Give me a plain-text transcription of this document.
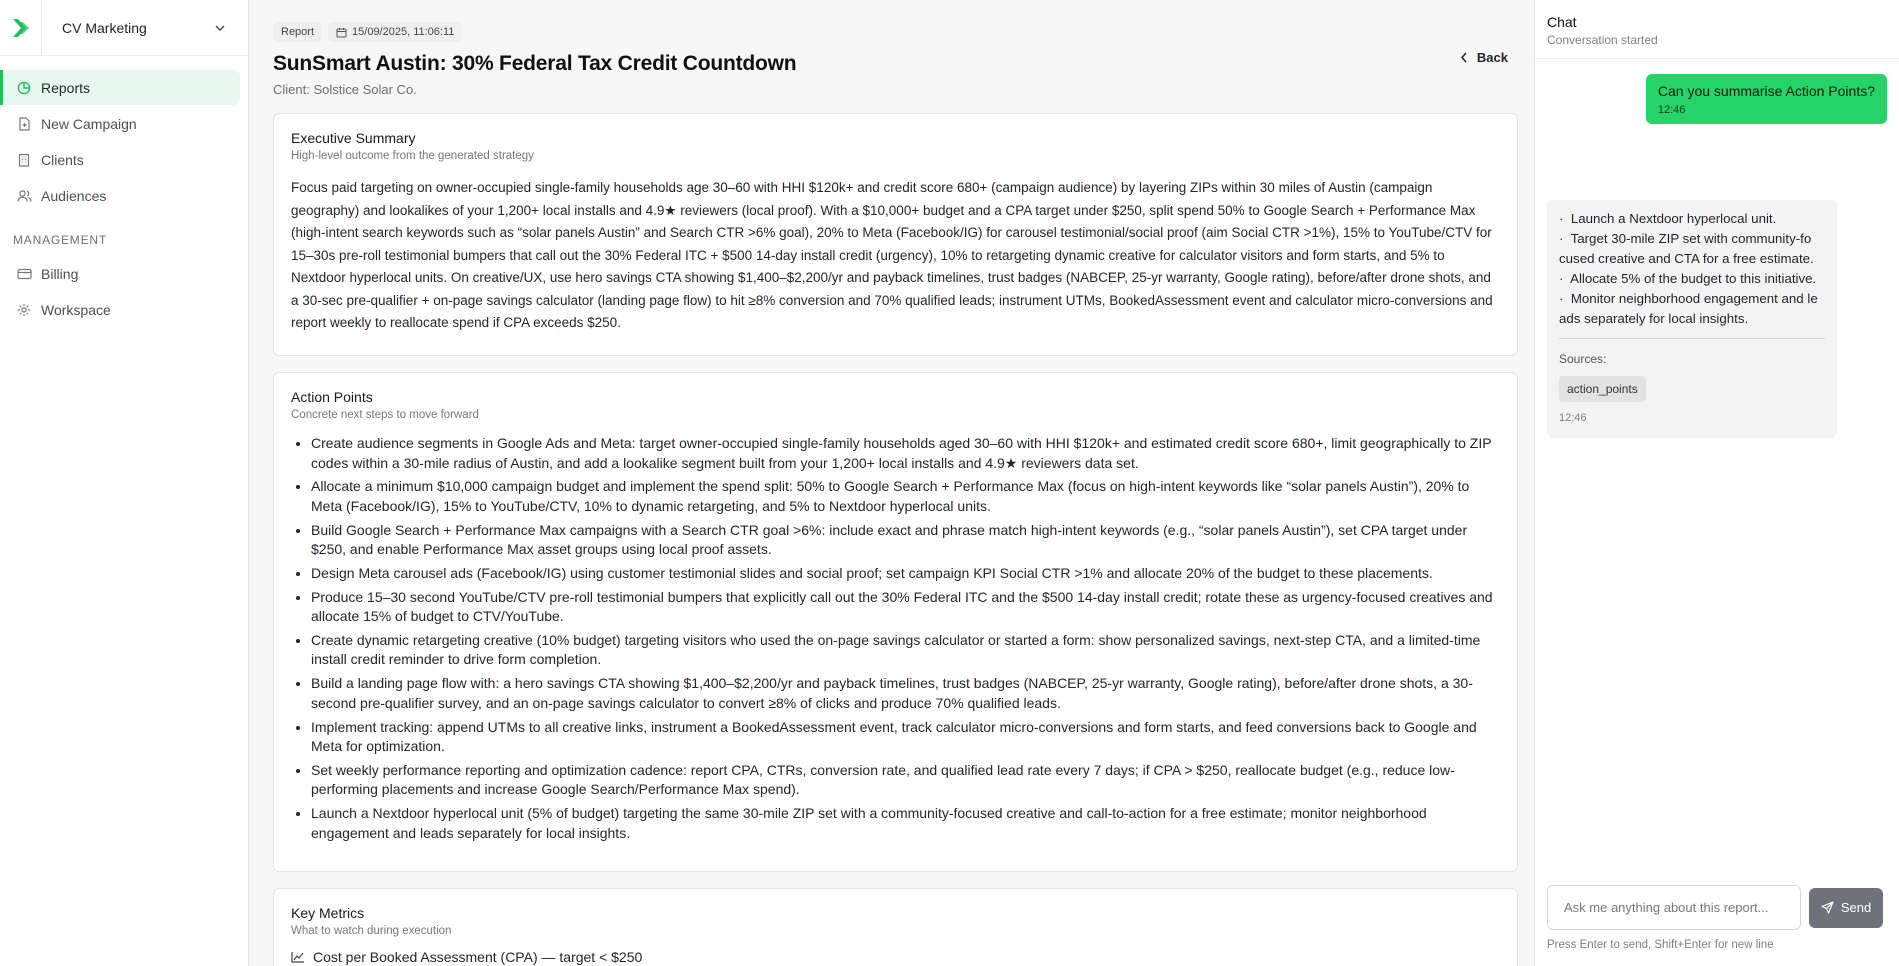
CV Marketing
Reports
New Campaign
Clients
Audiences
MANAGEMENT
Billing
Workspace
Report	15/09/2025, 11:06:11
SunSmart Austin: 30% Federal Tax Credit Countdown
Client: Solstice Solar Co.
Back
Executive Summary
High-level outcome from the generated strategy

Focus paid targeting on owner-occupied single-family households age 30–60 with HHI $120k+ and credit score 680+ (campaign audience) by layering ZIPs within 30 miles of Austin (campaign geography) and lookalikes of your 1,200+ local installs and 4.9★ reviewers (local proof). With a $10,000+ budget and a CPA target under $250, split spend 50% to Google Search + Performance Max (high-intent search keywords such as “solar panels Austin” and Search CTR >6% goal), 20% to Meta (Facebook/IG) for carousel testimonial/social proof (aim Social CTR >1%), 15% to YouTube/CTV for 15–30s pre-roll testimonial bumpers that call out the 30% Federal ITC + $500 14-day install credit (urgency), 10% to retargeting dynamic creative for calculator visitors and form starts, and 5% to Nextdoor hyperlocal units. On creative/UX, use hero savings CTA showing $1,400–$2,200/yr and payback timelines, trust badges (NABCEP, 25-yr warranty, Google rating), before/after drone shots, and a 30-sec pre-qualifier + on-page savings calculator (landing page flow) to hit ≥8% conversion and 70% qualified leads; instrument UTMs, BookedAssessment event and calculator micro-conversions and report weekly to reallocate spend if CPA exceeds $250.

Action Points
Concrete next steps to move forward
• Create audience segments in Google Ads and Meta: target owner-occupied single-family households aged 30–60 with HHI $120k+ and estimated credit score 680+, limit geographically to ZIP codes within a 30-mile radius of Austin, and add a lookalike segment built from your 1,200+ local installs and 4.9★ reviewers data set.
• Allocate a minimum $10,000 campaign budget and implement the spend split: 50% to Google Search + Performance Max (focus on high-intent keywords like “solar panels Austin”), 20% to Meta (Facebook/IG), 15% to YouTube/CTV, 10% to dynamic retargeting, and 5% to Nextdoor hyperlocal units.
• Build Google Search + Performance Max campaigns with a Search CTR goal >6%: include exact and phrase match high-intent keywords (e.g., “solar panels Austin”), set CPA target under $250, and enable Performance Max asset groups using local proof assets.
• Design Meta carousel ads (Facebook/IG) using customer testimonial slides and social proof; set campaign KPI Social CTR >1% and allocate 20% of the budget to these placements.
• Produce 15–30 second YouTube/CTV pre-roll testimonial bumpers that explicitly call out the 30% Federal ITC and the $500 14-day install credit; rotate these as urgency-focused creatives and allocate 15% of budget to CTV/YouTube.
• Create dynamic retargeting creative (10% budget) targeting visitors who used the on-page savings calculator or started a form: show personalized savings, next-step CTA, and a limited-time install credit reminder to drive form completion.
• Build a landing page flow with: a hero savings CTA showing $1,400–$2,200/yr and payback timelines, trust badges (NABCEP, 25-yr warranty, Google rating), before/after drone shots, a 30-second pre-qualifier survey, and an on-page savings calculator to convert ≥8% of clicks and produce 70% qualified leads.
• Implement tracking: append UTMs to all creative links, instrument a BookedAssessment event, track calculator micro-conversions and form starts, and feed conversions back to Google and Meta for optimization.
• Set weekly performance reporting and optimization cadence: report CPA, CTRs, conversion rate, and qualified lead rate every 7 days; if CPA > $250, reallocate budget (e.g., reduce low-performing placements and increase Google Search/Performance Max spend).
• Launch a Nextdoor hyperlocal unit (5% of budget) targeting the same 30-mile ZIP set with a community-focused creative and call-to-action for a free estimate; monitor neighborhood engagement and leads separately for local insights.
Key Metrics
What to watch during execution
Cost per Booked Assessment (CPA) — target < $250
Chat
Conversation started
Can you summarise Action Points?
12:46
·  Launch a Nextdoor hyperlocal unit.
·  Target 30-mile ZIP set with community-fo cused creative and CTA for a free estimate.
·  Allocate 5% of the budget to this initiative.
·  Monitor neighborhood engagement and le ads separately for local insights.
Sources:
action_points
12:46
Ask me anything about this report...
Send
Press Enter to send, Shift+Enter for new line
